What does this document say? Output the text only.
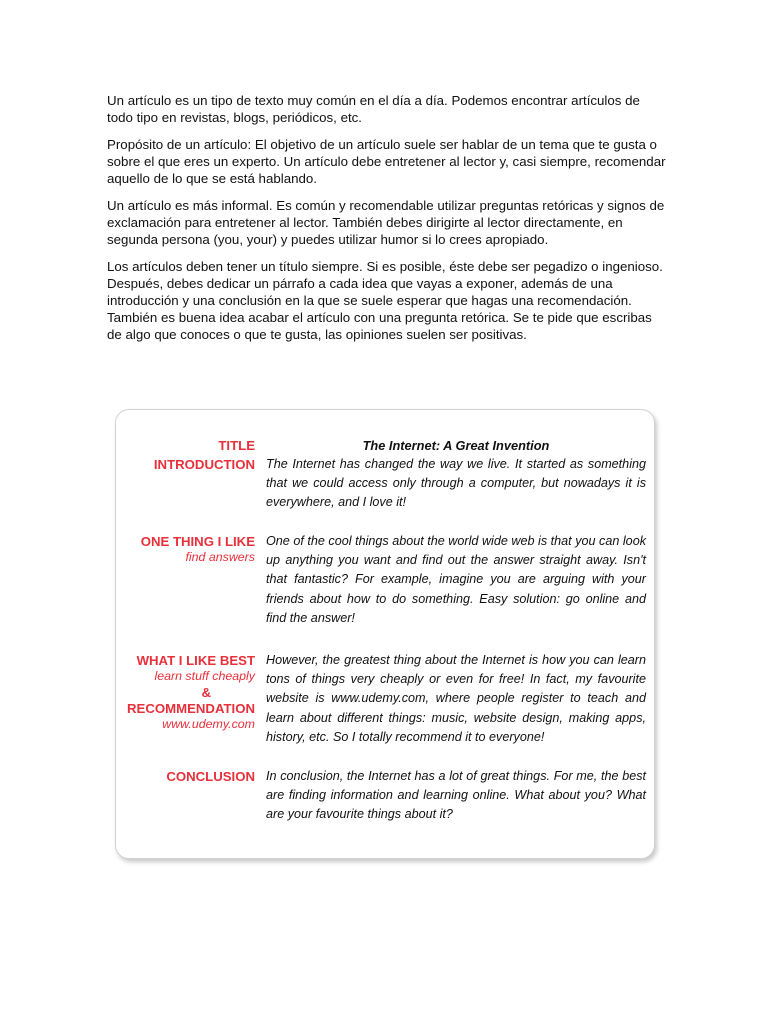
Un artículo es un tipo de texto muy común en el día a día. Podemos encontrar artículos de todo tipo en revistas, blogs, periódicos, etc.

Propósito de un artículo: El objetivo de un artículo suele ser hablar de un tema que te gusta o sobre el que eres un experto. Un artículo debe entretener al lector y, casi siempre, recomendar aquello de lo que se está hablando.

Un artículo es más informal. Es común y recomendable utilizar preguntas retóricas y signos de exclamación para entretener al lector. También debes dirigirte al lector directamente, en segunda persona (you, your) y puedes utilizar humor si lo crees apropiado.

Los artículos deben tener un título siempre. Si es posible, éste debe ser pegadizo o ingenioso. Después, debes dedicar un párrafo a cada idea que vayas a exponer, además de una introducción y una conclusión en la que se suele esperar que hagas una recomendación. También es buena idea acabar el artículo con una pregunta retórica. Se te pide que escribas de algo que conoces o que te gusta, las opiniones suelen ser positivas.

TITLE	The Internet: A Great Invention
INTRODUCTION The Internet has changed the way we live. It started as something that we could access only through a computer, but nowadays it is everywhere, and I love it!
ONE THING I LIKE
find answers
One of the cool things about the world wide web is that you can look up anything you want and find out the answer straight away. Isn't that fantastic? For example, imagine you are arguing with your friends about how to do something. Easy solution: go online and find the answer!
WHAT I LIKE BEST
learn stuff cheaply
&
RECOMMENDATION
www.udemy.com
However, the greatest thing about the Internet is how you can learn tons of things very cheaply or even for free! In fact, my favourite website is www.udemy.com, where people register to teach and learn about different things: music, website design, making apps, history, etc. So I totally recommend it to everyone!
CONCLUSION In conclusion, the Internet has a lot of great things. For me, the best are finding information and learning online. What about you? What are your favourite things about it?
